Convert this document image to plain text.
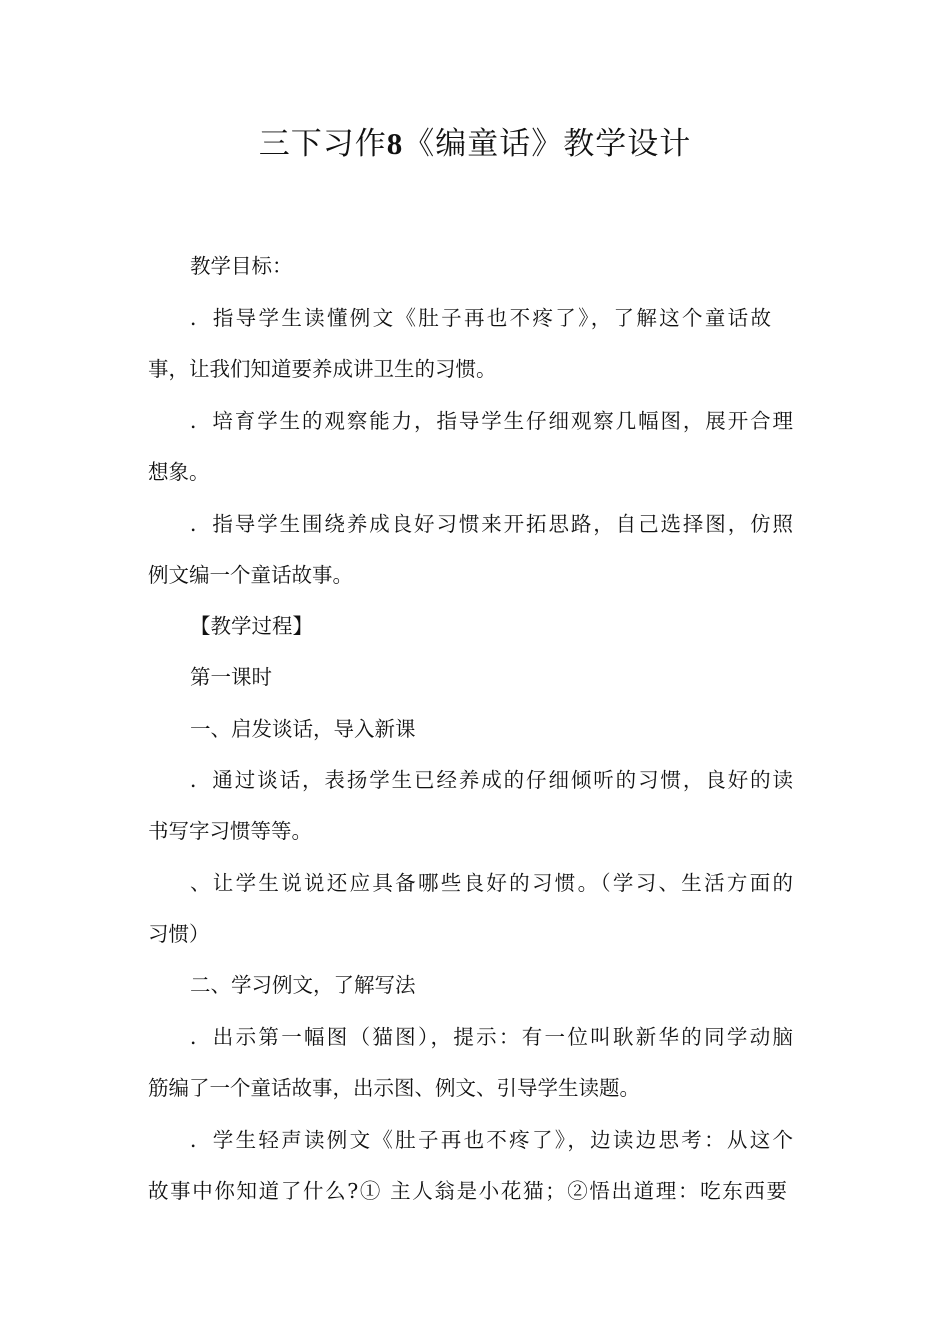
三下习作8《编童话》教学设计
教学目标：
．指导学生读懂例文《肚子再也不疼了》，了解这个童话故
事，让我们知道要养成讲卫生的习惯。
．培育学生的观察能力，指导学生仔细观察几幅图，展开合理
想象。
．指导学生围绕养成良好习惯来开拓思路，自己选择图，仿照
例文编一个童话故事。
【教学过程】
第一课时
一、启发谈话，导入新课
．通过谈话，表扬学生已经养成的仔细倾听的习惯，良好的读
书写字习惯等等。
、让学生说说还应具备哪些良好的习惯。（学习、生活方面的
习惯）
二、学习例文，了解写法
．出示第一幅图（猫图），提示：有一位叫耿新华的同学动脑
筋编了一个童话故事，出示图、例文、引导学生读题。
．学生轻声读例文《肚子再也不疼了》，边读边思考：从这个
故事中你知道了什么?① 主人翁是小花猫；②悟出道理：吃东西要
